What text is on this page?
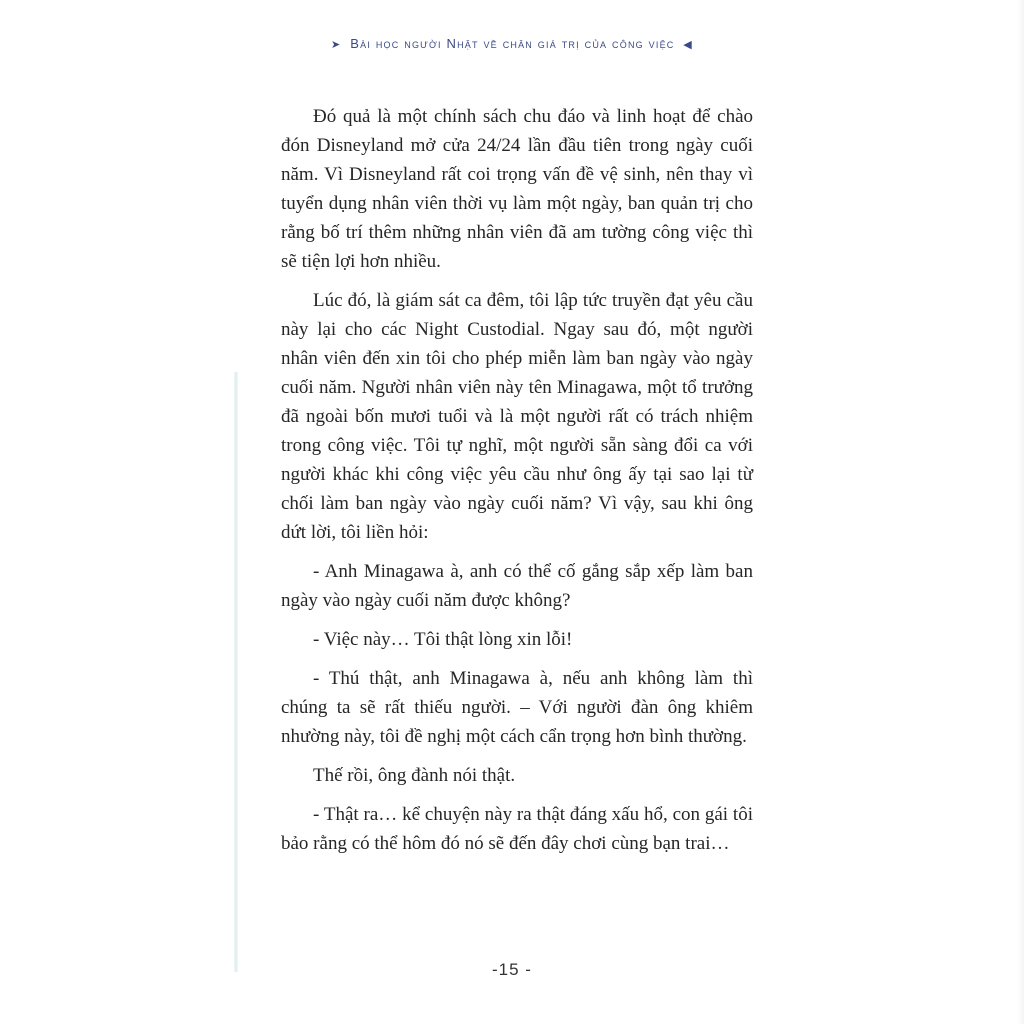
➤ Bài học người Nhật về chân giá trị của công việc ◀

Đó quả là một chính sách chu đáo và linh hoạt để chào đón Disneyland mở cửa 24/24 lần đầu tiên trong ngày cuối năm. Vì Disneyland rất coi trọng vấn đề vệ sinh, nên thay vì tuyển dụng nhân viên thời vụ làm một ngày, ban quản trị cho rằng bố trí thêm những nhân viên đã am tường công việc thì sẽ tiện lợi hơn nhiều.

Lúc đó, là giám sát ca đêm, tôi lập tức truyền đạt yêu cầu này lại cho các Night Custodial. Ngay sau đó, một người nhân viên đến xin tôi cho phép miễn làm ban ngày vào ngày cuối năm. Người nhân viên này tên Minagawa, một tổ trưởng đã ngoài bốn mươi tuổi và là một người rất có trách nhiệm trong công việc. Tôi tự nghĩ, một người sẵn sàng đổi ca với người khác khi công việc yêu cầu như ông ấy tại sao lại từ chối làm ban ngày vào ngày cuối năm? Vì vậy, sau khi ông dứt lời, tôi liền hỏi:

- Anh Minagawa à, anh có thể cố gắng sắp xếp làm ban ngày vào ngày cuối năm được không?

- Việc này… Tôi thật lòng xin lỗi!

- Thú thật, anh Minagawa à, nếu anh không làm thì chúng ta sẽ rất thiếu người. – Với người đàn ông khiêm nhường này, tôi đề nghị một cách cẩn trọng hơn bình thường.

Thế rồi, ông đành nói thật.

- Thật ra… kể chuyện này ra thật đáng xấu hổ, con gái tôi bảo rằng có thể hôm đó nó sẽ đến đây chơi cùng bạn trai…

-15 -
